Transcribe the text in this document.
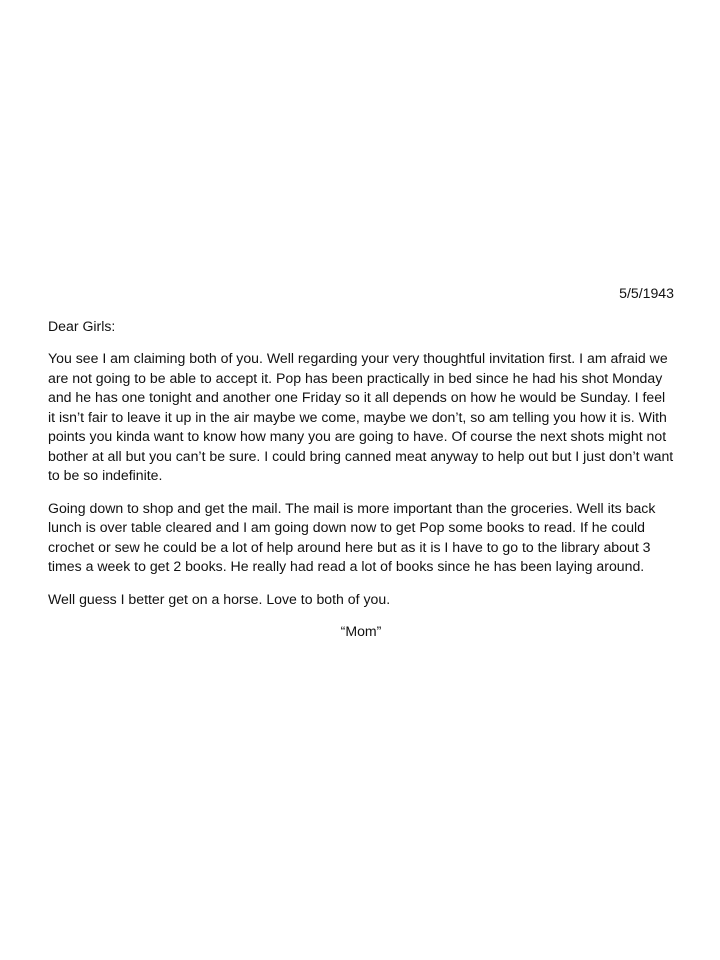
5/5/1943

Dear Girls:

You see I am claiming both of you. Well regarding your very thoughtful invitation first. I am afraid we are not going to be able to accept it. Pop has been practically in bed since he had his shot Monday and he has one tonight and another one Friday so it all depends on how he would be Sunday. I feel it isn’t fair to leave it up in the air maybe we come, maybe we don’t, so am telling you how it is. With points you kinda want to know how many you are going to have. Of course the next shots might not bother at all but you can’t be sure. I could bring canned meat anyway to help out but I just don’t want to be so indefinite.

Going down to shop and get the mail. The mail is more important than the groceries. Well its back lunch is over table cleared and I am going down now to get Pop some books to read. If he could crochet or sew he could be a lot of help around here but as it is I have to go to the library about 3 times a week to get 2 books. He really had read a lot of books since he has been laying around.

Well guess I better get on a horse. Love to both of you.

“Mom”
